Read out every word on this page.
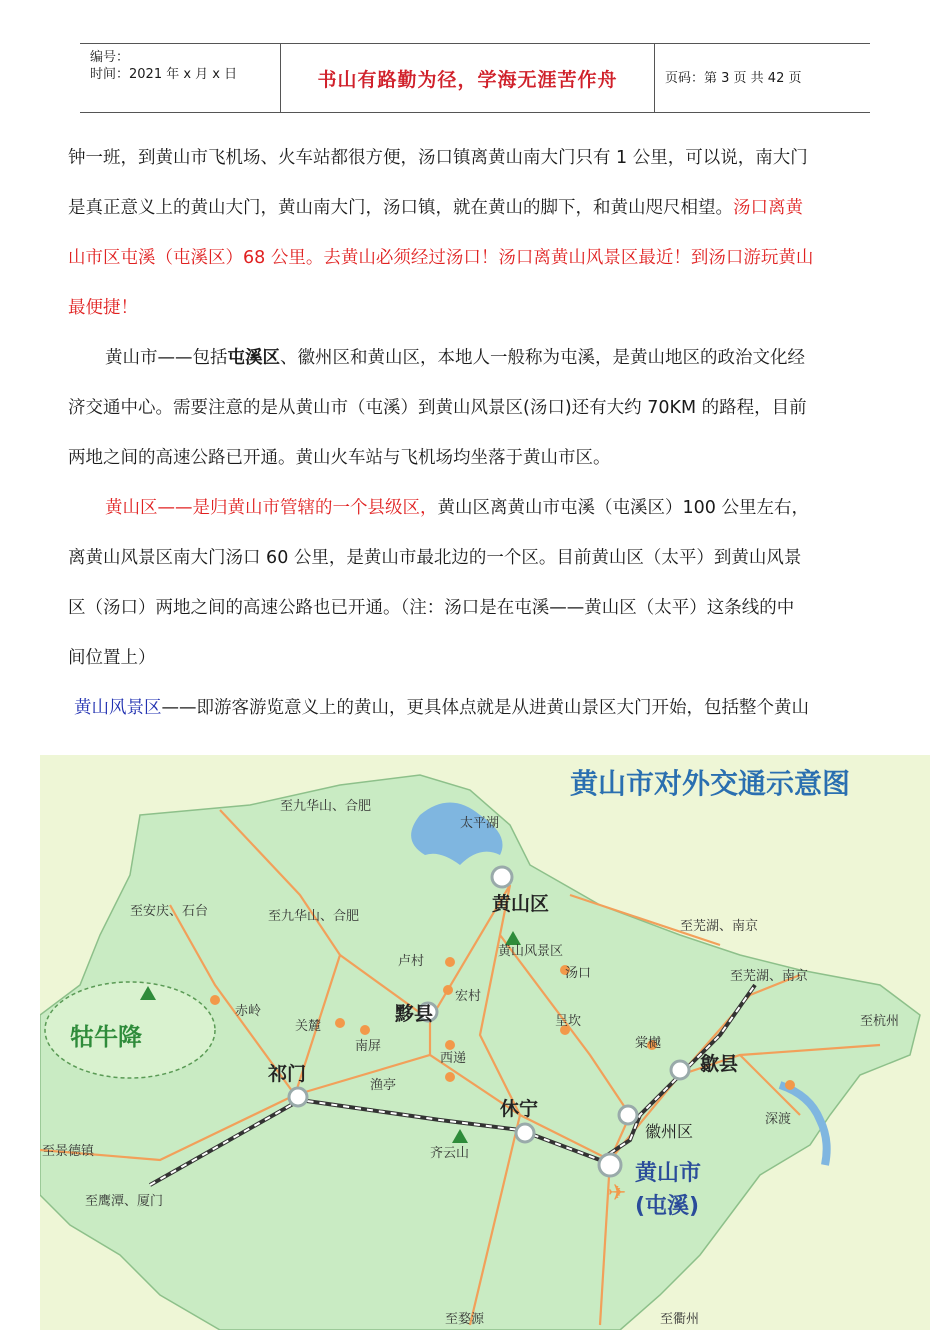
编号：
时间：2021 年 x 月 x 日	书山有路勤为径，学海无涯苦作舟	页码：第 3 页 共 42 页

钟一班，到黄山市飞机场、火车站都很方便，汤口镇离黄山南大门只有 1 公里，可以说，南大门

是真正意义上的黄山大门，黄山南大门，汤口镇，就在黄山的脚下，和黄山咫尺相望。汤口离黄

山市区屯溪（屯溪区）68 公里。去黄山必须经过汤口！汤口离黄山风景区最近！到汤口游玩黄山

最便捷！

黄山市——包括屯溪区、徽州区和黄山区，本地人一般称为屯溪，是黄山地区的政治文化经

济交通中心。需要注意的是从黄山市（屯溪）到黄山风景区(汤口)还有大约 70KM 的路程，目前

两地之间的高速公路已开通。黄山火车站与飞机场均坐落于黄山市区。

黄山区——是归黄山市管辖的一个县级区，黄山区离黄山市屯溪（屯溪区）100 公里左右，

离黄山风景区南大门汤口 60 公里，是黄山市最北边的一个区。目前黄山区（太平）到黄山风景

区（汤口）两地之间的高速公路也已开通。（注：汤口是在屯溪——黄山区（太平）这条线的中

间位置上）

黄山风景区——即游客游览意义上的黄山，更具体点就是从进黄山景区大门开始，包括整个黄山

✈
黄山市对外交通示意图
至九华山、合肥
太平湖
至安庆、石台	至九华山、合肥
至芜湖、南京
至芜湖、南京
黄山风景区
汤口
卢村
宏村
赤岭
关麓
南屏
西递
呈坎
棠樾
至杭州
渔亭
深渡
齐云山
至景德镇
至鹰潭、厦门
至婺源	至衢州
黄山区
黟县
祁门
休宁
歙县
徽州区
牯牛降
黄山市
(屯溪)
